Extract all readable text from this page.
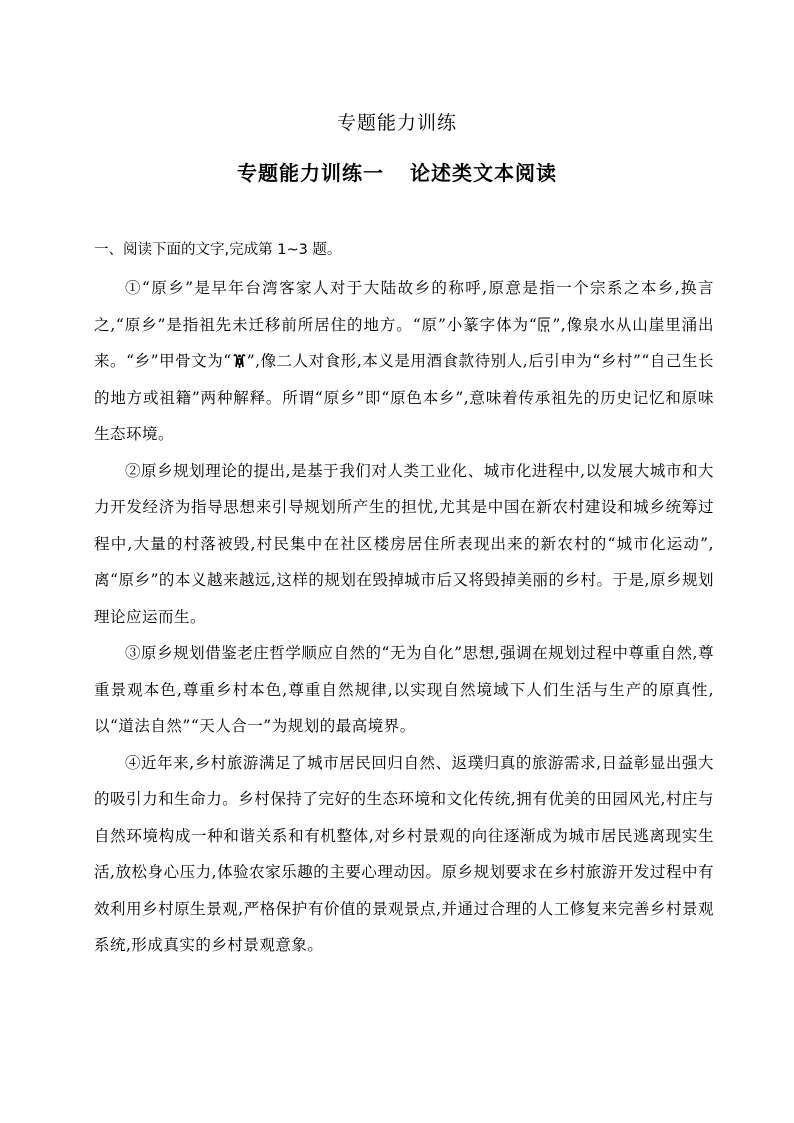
专题能力训练
专题能力训练一 论述类文本阅读
一、阅读下面的文字,完成第 1~3 题。

①“原乡”是早年台湾客家人对于大陆故乡的称呼,原意是指一个宗系之本乡,换言之,“原乡”是指祖先未迁移前所居住的地方。“原”小篆字体为“ ”,像泉水从山崖里涌出来。“乡”甲骨文为“ ”,像二人对食形,本义是用酒食款待别人,后引申为“乡村”“自己生长的地方或祖籍”两种解释。所谓“原乡”即“原色本乡”,意味着传承祖先的历史记忆和原味生态环境。

②原乡规划理论的提出,是基于我们对人类工业化、城市化进程中,以发展大城市和大力开发经济为指导思想来引导规划所产生的担忧,尤其是中国在新农村建设和城乡统筹过程中,大量的村落被毁,村民集中在社区楼房居住所表现出来的新农村的“城市化运动”,离“原乡”的本义越来越远,这样的规划在毁掉城市后又将毁掉美丽的乡村。于是,原乡规划理论应运而生。

③原乡规划借鉴老庄哲学顺应自然的“无为自化”思想,强调在规划过程中尊重自然,尊重景观本色,尊重乡村本色,尊重自然规律,以实现自然境域下人们生活与生产的原真性,以“道法自然”“天人合一”为规划的最高境界。

④近年来,乡村旅游满足了城市居民回归自然、返璞归真的旅游需求,日益彰显出强大的吸引力和生命力。乡村保持了完好的生态环境和文化传统,拥有优美的田园风光,村庄与自然环境构成一种和谐关系和有机整体,对乡村景观的向往逐渐成为城市居民逃离现实生活,放松身心压力,体验农家乐趣的主要心理动因。原乡规划要求在乡村旅游开发过程中有效利用乡村原生景观,严格保护有价值的景观景点,并通过合理的人工修复来完善乡村景观系统,形成真实的乡村景观意象。
